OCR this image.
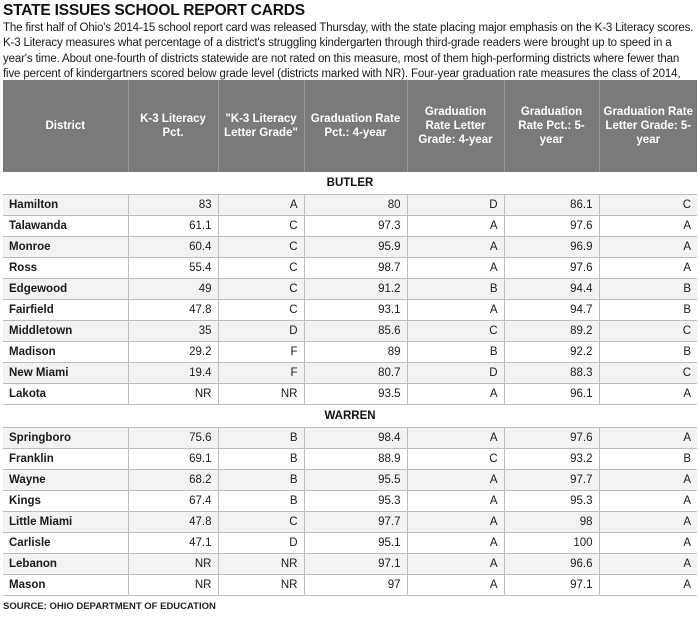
STATE ISSUES SCHOOL REPORT CARDS
The first half of Ohio's 2014-15 school report card was released Thursday, with the state placing major emphasis on the K-3 Literacy scores. K-3 Literacy measures what percentage of a district's struggling kindergarten through third-grade readers were brought up to speed in a year's time. About one-fourth of districts statewide are not rated on this measure, most of them high-performing districts where fewer than five percent of kindergartners scored below grade level (districts marked with NR). Four-year graduation rate measures the class of 2014, while the five-year rate applies to the group that largely graduated in 2013.
District	K-3 Literacy Pct.	"K-3 Literacy Letter Grade"	Graduation Rate Pct.: 4-year	Graduation Rate Letter Grade: 4-year	Graduation Rate Pct.: 5-year	Graduation Rate Letter Grade: 5-year
BUTLER						
Hamilton	83	A	80	D	86.1	C
Talawanda	61.1	C	97.3	A	97.6	A
Monroe	60.4	C	95.9	A	96.9	A
Ross	55.4	C	98.7	A	97.6	A
Edgewood	49	C	91.2	B	94.4	B
Fairfield	47.8	C	93.1	A	94.7	B
Middletown	35	D	85.6	C	89.2	C
Madison	29.2	F	89	B	92.2	B
New Miami	19.4	F	80.7	D	88.3	C
Lakota	NR	NR	93.5	A	96.1	A
WARREN						
Springboro	75.6	B	98.4	A	97.6	A
Franklin	69.1	B	88.9	C	93.2	B
Wayne	68.2	B	95.5	A	97.7	A
Kings	67.4	B	95.3	A	95.3	A
Little Miami	47.8	C	97.7	A	98	A
Carlisle	47.1	D	95.1	A	100	A
Lebanon	NR	NR	97.1	A	96.6	A
Mason	NR	NR	97	A	97.1	A
SOURCE: OHIO DEPARTMENT OF EDUCATION
